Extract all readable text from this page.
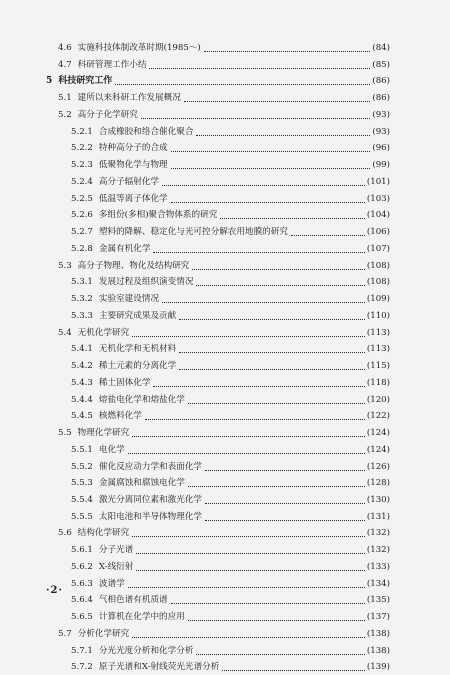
4.6 实施科技体制改革时期(1985～)	(84)
4.7 科研管理工作小结	(85)
5 科技研究工作	(86)
5.1 建所以来科研工作发展概况	(86)
5.2 高分子化学研究	(93)
5.2.1 合成橡胶和络合催化聚合	(93)
5.2.2 特种高分子的合成	(96)
5.2.3 低聚物化学与物理	(99)
5.2.4 高分子辐射化学	(101)
5.2.5 低温等离子体化学	(103)
5.2.6 多组份(多相)聚合物体系的研究	(104)
5.2.7 塑料的降解、稳定化与光可控分解农用地膜的研究	(106)
5.2.8 金属有机化学	(107)
5.3 高分子物理、物化及结构研究	(108)
5.3.1 发展过程及组织演变情况	(108)
5.3.2 实验室建设情况	(109)
5.3.3 主要研究成果及贡献	(110)
5.4 无机化学研究	(113)
5.4.1 无机化学和无机材料	(113)
5.4.2 稀土元素的分离化学	(115)
5.4.3 稀土固体化学	(118)
5.4.4 熔盐电化学和熔盐化学	(120)
5.4.5 核燃料化学	(122)
5.5 物理化学研究	(124)
5.5.1 电化学	(124)
5.5.2 催化反应动力学和表面化学	(126)
5.5.3 金属腐蚀和腐蚀电化学	(128)
5.5.4 激光分离同位素和激光化学	(130)
5.5.5 太阳电池和半导体物理化学	(131)
5.6 结构化学研究	(132)
5.6.1 分子光谱	(132)
5.6.2 X-线衍射	(133)
5.6.3 波谱学	(134)
5.6.4 气相色谱有机质谱	(135)
5.6.5 计算机在化学中的应用	(137)
5.7 分析化学研究	(138)
5.7.1 分光光度分析和化学分析	(138)
5.7.2 原子光谱和X-射线荧光光谱分析	(139)
·2·
